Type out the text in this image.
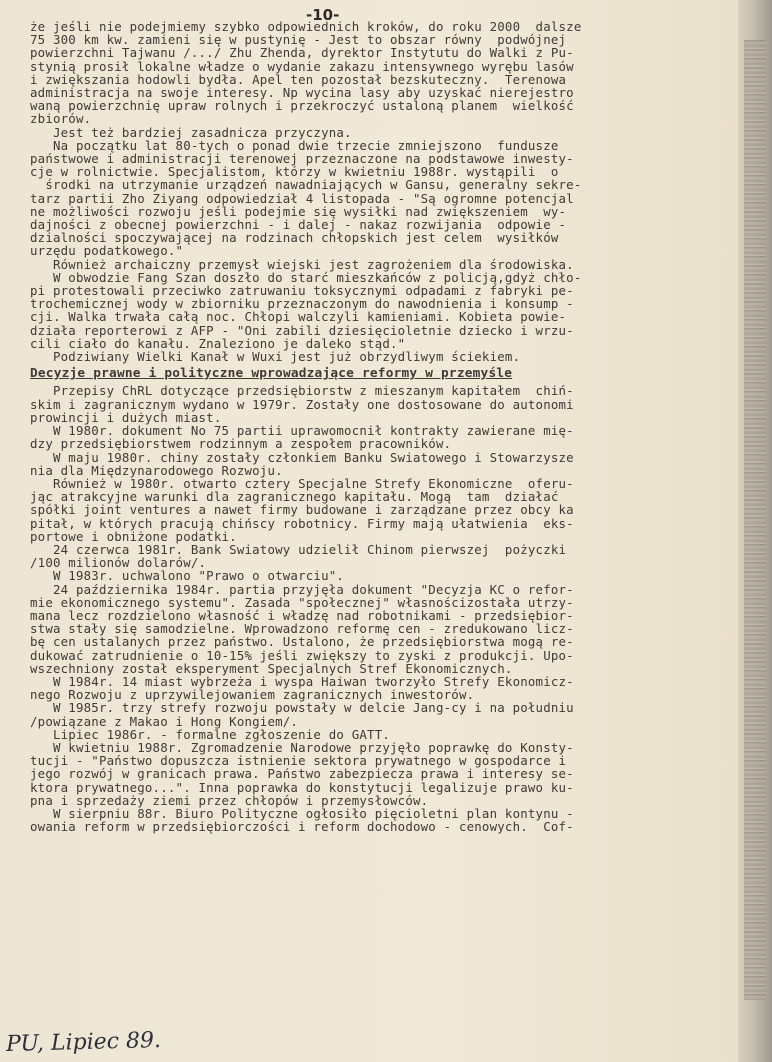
-10-

że jeśli nie podejmiemy szybko odpowiednich kroków, do roku 2000  dalsze

75 300 km kw. zamieni się w pustynię - Jest to obszar równy  podwójnej

powierzchni Tajwanu /.../ Zhu Zhenda, dyrektor Instytutu do Walki z Pu-

stynią prosił lokalne władze o wydanie zakazu intensywnego wyrębu lasów

i zwiększania hodowli bydła. Apel ten pozostał bezskuteczny.  Terenowa

administracja na swoje interesy. Np wycina lasy aby uzyskać nierejestro

waną powierzchnię upraw rolnych i przekroczyć ustaloną planem  wielkość

zbiorów.

Jest też bardziej zasadnicza przyczyna.

Na początku lat 80-tych o ponad dwie trzecie zmniejszono  fundusze

państwowe i administracji terenowej przeznaczone na podstawowe inwesty-

cje w rolnictwie. Specjalistom, którzy w kwietniu 1988r. wystąpili  o

środki na utrzymanie urządzeń nawadniających w Gansu, generalny sekre-

tarz partii Zho Ziyang odpowiedział 4 listopada - "Są ogromne potencjal

ne możliwości rozwoju jeśli podejmie się wysiłki nad zwiększeniem  wy-

dajności z obecnej powierzchni - i dalej - nakaz rozwijania  odpowie -

dzialności spoczywającej na rodzinach chłopskich jest celem  wysiłków

urzędu podatkowego."

Również archaiczny przemysł wiejski jest zagrożeniem dla środowiska.

W obwodzie Fang Szan doszło do starć mieszkańców z policją,gdyż chło-

pi protestowali przeciwko zatruwaniu toksycznymi odpadami z fabryki pe-

trochemicznej wody w zbiorniku przeznaczonym do nawodnienia i konsump -

cji. Walka trwała całą noc. Chłopi walczyli kamieniami. Kobieta powie-

działa reporterowi z AFP - "Oni zabili dziesięcioletnie dziecko i wrzu-

cili ciało do kanału. Znaleziono je daleko stąd."

Podziwiany Wielki Kanał w Wuxi jest już obrzydliwym ściekiem.

Decyzje prawne i polityczne wprowadzające reformy w przemyśle

Przepisy ChRL dotyczące przedsiębiorstw z mieszanym kapitałem  chiń-

skim i zagranicznym wydano w 1979r. Zostały one dostosowane do autonomi

prowincji i dużych miast.

W 1980r. dokument No 75 partii uprawomocnił kontrakty zawierane mię-

dzy przedsiębiorstwem rodzinnym a zespołem pracowników.

W maju 1980r. chiny zostały członkiem Banku Swiatowego i Stowarzysze

nia dla Międzynarodowego Rozwoju.

Również w 1980r. otwarto cztery Specjalne Strefy Ekonomiczne  oferu-

jąc atrakcyjne warunki dla zagranicznego kapitału. Mogą  tam  działać

spółki joint ventures a nawet firmy budowane i zarządzane przez obcy ka

pitał, w których pracują chińscy robotnicy. Firmy mają ułatwienia  eks-

portowe i obniżone podatki.

24 czerwca 1981r. Bank Swiatowy udzielił Chinom pierwszej  pożyczki

/100 milionów dolarów/.

W 1983r. uchwalono "Prawo o otwarciu".

24 października 1984r. partia przyjęła dokument "Decyzja KC o refor-

mie ekonomicznego systemu". Zasada "społecznej" własnościzostała utrzy-

mana lecz rozdzielono własność i władzę nad robotnikami - przedsiębior-

stwa stały się samodzielne. Wprowadzono reformę cen - zredukowano licz-

bę cen ustalanych przez państwo. Ustalono, że przedsiębiorstwa mogą re-

dukować zatrudnienie o 10-15% jeśli zwiększy to zyski z produkcji. Upo-

wszechniony został eksperyment Specjalnych Stref Ekonomicznych.

W 1984r. 14 miast wybrzeża i wyspa Haiwan tworzyło Strefy Ekonomicz-

nego Rozwoju z uprzywilejowaniem zagranicznych inwestorów.

W 1985r. trzy strefy rozwoju powstały w delcie Jang-cy i na południu

/powiązane z Makao i Hong Kongiem/.

Lipiec 1986r. - formalne zgłoszenie do GATT.

W kwietniu 1988r. Zgromadzenie Narodowe przyjęło poprawkę do Konsty-

tucji - "Państwo dopuszcza istnienie sektora prywatnego w gospodarce i

jego rozwój w granicach prawa. Państwo zabezpiecza prawa i interesy se-

ktora prywatnego...". Inna poprawka do konstytucji legalizuje prawo ku-

pna i sprzedaży ziemi przez chłopów i przemysłowców.

W sierpniu 88r. Biuro Polityczne ogłosiło pięcioletni plan kontynu -

owania reform w przedsiębiorczości i reform dochodowo - cenowych.  Cof-

PU, Lipiec 89.
